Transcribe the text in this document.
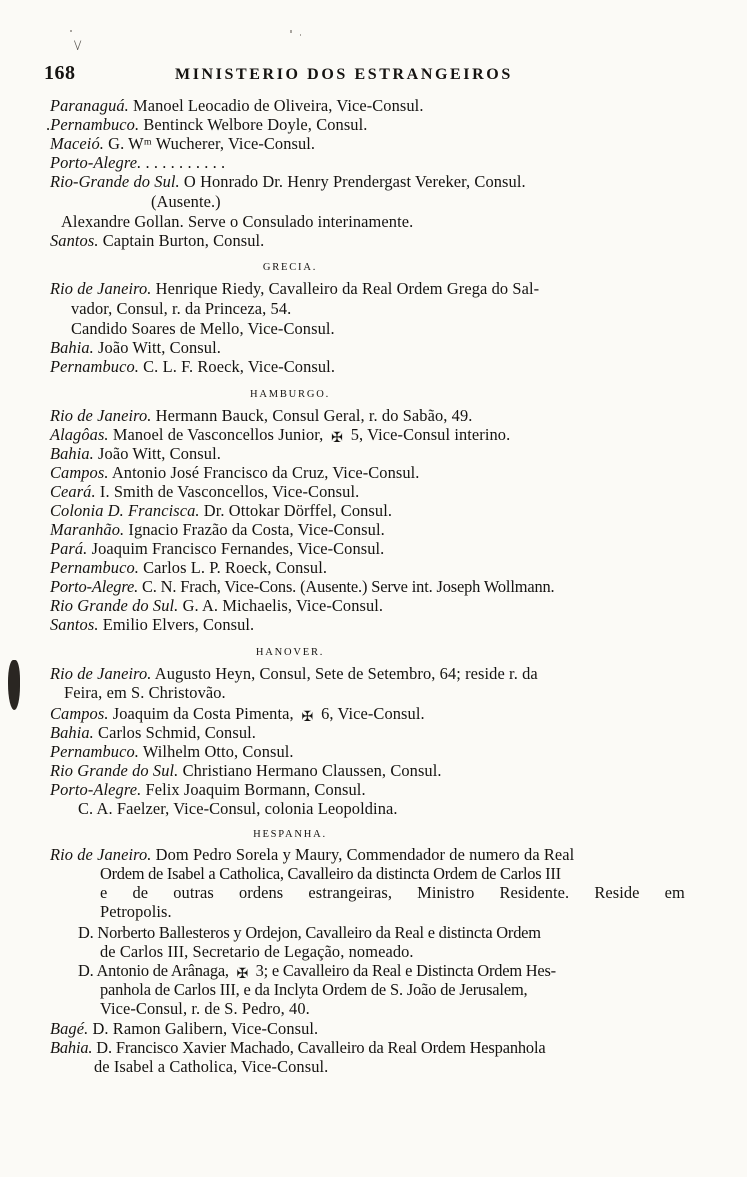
\/
168	MINISTERIO DOS ESTRANGEIROS
Paranaguá. Manoel Leocadio de Oliveira, Vice-Consul.
.Pernambuco. Bentinck Welbore Doyle, Consul.
Maceió. G. Wᵐ Wucherer, Vice-Consul.
Porto-Alegre. . . . . . . . . . .
Rio-Grande do Sul. O Honrado Dr. Henry Prendergast Vereker, Consul.
(Ausente.)
Alexandre Gollan. Serve o Consulado interinamente.
Santos. Captain Burton, Consul.
GRECIA.
Rio de Janeiro. Henrique Riedy, Cavalleiro da Real Ordem Grega do Sal-
vador, Consul, r. da Princeza, 54.
Candido Soares de Mello, Vice-Consul.
Bahia. João Witt, Consul.
Pernambuco. C. L. F. Roeck, Vice-Consul.
HAMBURGO.
Rio de Janeiro. Hermann Bauck, Consul Geral, r. do Sabão, 49.
Alagôas. Manoel de Vasconcellos Junior, ✠ 5, Vice-Consul interino.
Bahia. João Witt, Consul.
Campos. Antonio José Francisco da Cruz, Vice-Consul.
Ceará. I. Smith de Vasconcellos, Vice-Consul.
Colonia D. Francisca. Dr. Ottokar Dörffel, Consul.
Maranhão. Ignacio Frazão da Costa, Vice-Consul.
Pará. Joaquim Francisco Fernandes, Vice-Consul.
Pernambuco. Carlos L. P. Roeck, Consul.
Porto-Alegre. C. N. Frach, Vice-Cons. (Ausente.) Serve int. Joseph Wollmann.
Rio Grande do Sul. G. A. Michaelis, Vice-Consul.
Santos. Emilio Elvers, Consul.
HANOVER.
Rio de Janeiro. Augusto Heyn, Consul, Sete de Setembro, 64; reside r. da
Feira, em S. Christovão.
Campos. Joaquim da Costa Pimenta, ✠ 6, Vice-Consul.
Bahia. Carlos Schmid, Consul.
Pernambuco. Wilhelm Otto, Consul.
Rio Grande do Sul. Christiano Hermano Claussen, Consul.
Porto-Alegre. Felix Joaquim Bormann, Consul.
C. A. Faelzer, Vice-Consul, colonia Leopoldina.
HESPANHA.
Rio de Janeiro. Dom Pedro Sorela y Maury, Commendador de numero da Real
Ordem de Isabel a Catholica, Cavalleiro da distincta Ordem de Carlos III
e de outras ordens estrangeiras, Ministro Residente. Reside em
Petropolis.
D. Norberto Ballesteros y Ordejon, Cavalleiro da Real e distincta Ordem
de Carlos III, Secretario de Legação, nomeado.
D. Antonio de Arânaga, ✠ 3; e Cavalleiro da Real e Distincta Ordem Hes-
panhola de Carlos III, e da Inclyta Ordem de S. João de Jerusalem,
Vice-Consul, r. de S. Pedro, 40.
Bagé. D. Ramon Galibern, Vice-Consul.
Bahia. D. Francisco Xavier Machado, Cavalleiro da Real Ordem Hespanhola
de Isabel a Catholica, Vice-Consul.
